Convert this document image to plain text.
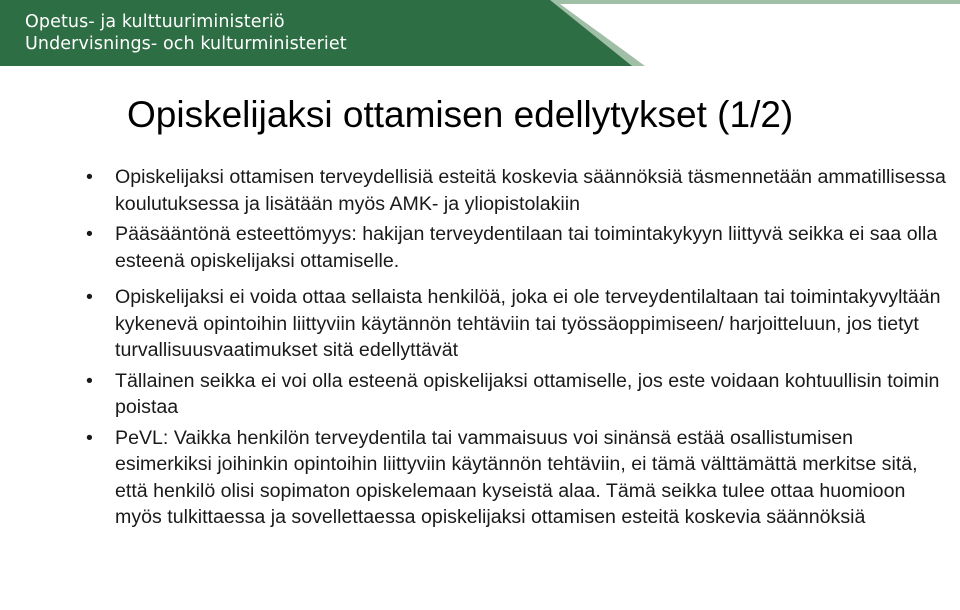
Opetus- ja kulttuuriministeriö
Undervisnings- och kulturministeriet
Opiskelijaksi ottamisen edellytykset (1/2)
• Opiskelijaksi ottamisen terveydellisiä esteitä koskevia säännöksiä täsmennetään ammatillisessa koulutuksessa ja lisätään myös AMK- ja yliopistolakiin
• Pääsääntönä esteettömyys: hakijan terveydentilaan tai toimintakykyyn liittyvä seikka ei saa olla esteenä opiskelijaksi ottamiselle.
• Opiskelijaksi ei voida ottaa sellaista henkilöä, joka ei ole terveydentilaltaan tai toimintakyvyltään kykenevä opintoihin liittyviin käytännön tehtäviin tai työssäoppimiseen/ harjoitteluun, jos tietyt turvallisuusvaatimukset sitä edellyttävät
• Tällainen seikka ei voi olla esteenä opiskelijaksi ottamiselle, jos este voidaan kohtuullisin toimin poistaa
• PeVL: Vaikka henkilön terveydentila tai vammaisuus voi sinänsä estää osallistumisen esimerkiksi joihinkin opintoihin liittyviin käytännön tehtäviin, ei tämä välttämättä merkitse sitä, että henkilö olisi sopimaton opiskelemaan kyseistä alaa. Tämä seikka tulee ottaa huomioon myös tulkittaessa ja sovellettaessa opiskelijaksi ottamisen esteitä koskevia säännöksiä
